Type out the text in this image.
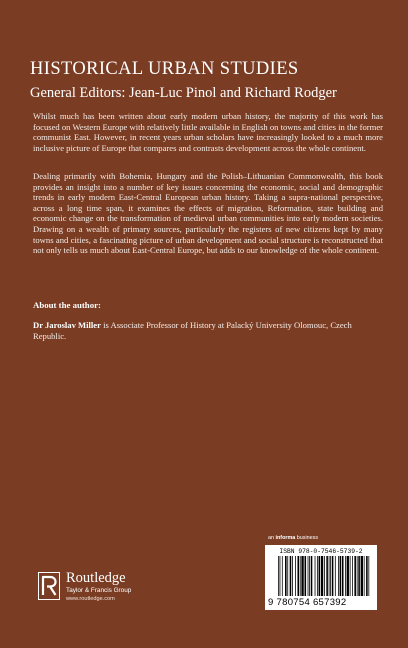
HISTORICAL URBAN STUDIES
General Editors: Jean-Luc Pinol and Richard Rodger

Whilst much has been written about early modern urban history, the majority of this work has focused on Western Europe with relatively little available in English on towns and cities in the former communist East. However, in recent years urban scholars have increasingly looked to a much more inclusive picture of Europe that compares and contrasts development across the whole continent.

Dealing primarily with Bohemia, Hungary and the Polish–Lithuanian Commonwealth, this book provides an insight into a number of key issues concerning the economic, social and demographic trends in early modern East-Central European urban history. Taking a supra-national perspective, across a long time span, it examines the effects of migration, Reformation, state building and economic change on the transformation of medieval urban communities into early modern societies. Drawing on a wealth of primary sources, particularly the registers of new citizens kept by many towns and cities, a fascinating picture of urban development and social structure is reconstructed that not only tells us much about East-Central Europe, but adds to our knowledge of the whole continent.

About the author:

Dr Jaroslav Miller is Associate Professor of History at Palacký University Olomouc, Czech Republic.

an informa business
Routledge
Taylor & Francis Group
www.routledge.com
ISBN 978-0-7546-5739-2
9 780754 657392
